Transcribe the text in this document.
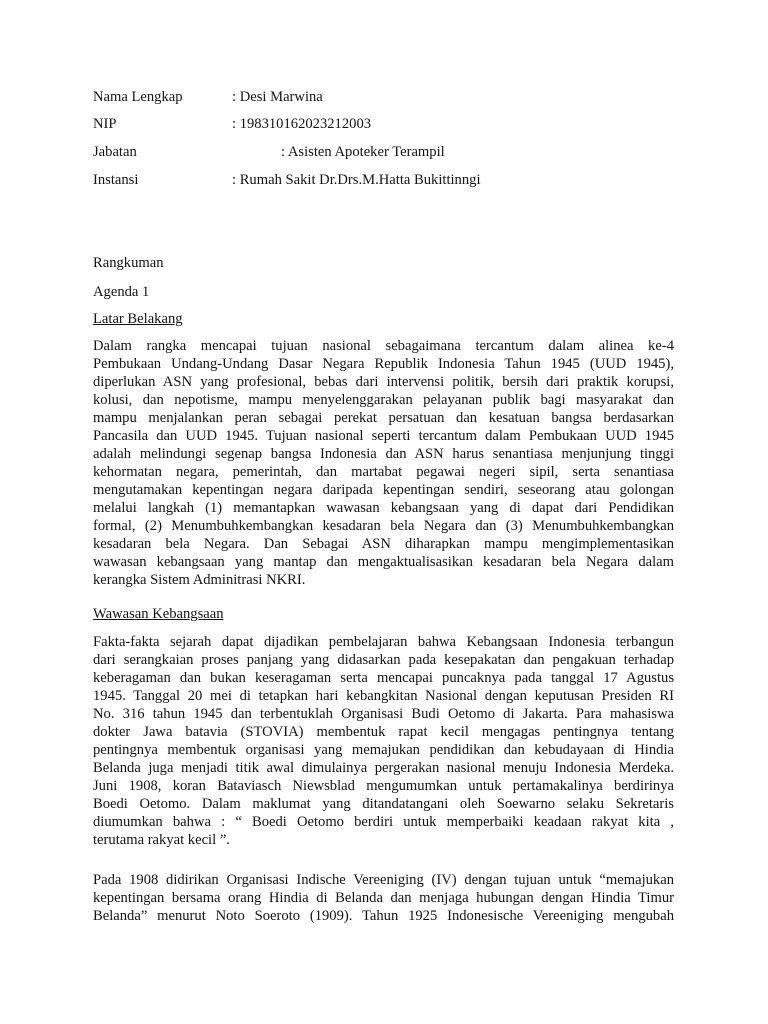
Nama Lengkap	: Desi Marwina
NIP	: 198310162023212003
Jabatan	: Asisten Apoteker Terampil
Instansi	: Rumah Sakit Dr.Drs.M.Hatta Bukittinngi
Rangkuman
Agenda 1
Latar Belakang
Dalam rangka mencapai tujuan nasional sebagaimana tercantum dalam alinea ke-4
Pembukaan Undang-Undang Dasar Negara Republik Indonesia Tahun 1945 (UUD 1945),
diperlukan ASN yang profesional, bebas dari intervensi politik, bersih dari praktik korupsi,
kolusi, dan nepotisme, mampu menyelenggarakan pelayanan publik bagi masyarakat dan
mampu menjalankan peran sebagai perekat persatuan dan kesatuan bangsa berdasarkan
Pancasila dan UUD 1945. Tujuan nasional seperti tercantum dalam Pembukaan UUD 1945
adalah melindungi segenap bangsa Indonesia dan ASN harus senantiasa menjunjung tinggi
kehormatan negara, pemerintah, dan martabat pegawai negeri sipil, serta senantiasa
mengutamakan kepentingan negara daripada kepentingan sendiri, seseorang atau golongan
melalui langkah (1) memantapkan wawasan kebangsaan yang di dapat dari Pendidikan
formal, (2) Menumbuhkembangkan kesadaran bela Negara dan (3) Menumbuhkembangkan
kesadaran bela Negara. Dan Sebagai ASN diharapkan mampu mengimplementasikan
wawasan kebangsaan yang mantap dan mengaktualisasikan kesadaran bela Negara dalam
kerangka Sistem Adminitrasi NKRI.
Wawasan Kebangsaan
Fakta-fakta sejarah dapat dijadikan pembelajaran bahwa Kebangsaan Indonesia terbangun
dari serangkaian proses panjang yang didasarkan pada kesepakatan dan pengakuan terhadap
keberagaman dan bukan keseragaman serta mencapai puncaknya pada tanggal 17 Agustus
1945. Tanggal 20 mei di tetapkan hari kebangkitan Nasional dengan keputusan Presiden RI
No. 316 tahun 1945 dan terbentuklah Organisasi Budi Oetomo di Jakarta. Para mahasiswa
dokter Jawa batavia (STOVIA) membentuk rapat kecil mengagas pentingnya tentang
pentingnya membentuk organisasi yang memajukan pendidikan dan kebudayaan di Hindia
Belanda juga menjadi titik awal dimulainya pergerakan nasional menuju Indonesia Merdeka.
Juni 1908, koran Bataviasch Niewsblad mengumumkan untuk pertamakalinya berdirinya
Boedi Oetomo. Dalam maklumat yang ditandatangani oleh Soewarno selaku Sekretaris
diumumkan bahwa : “ Boedi Oetomo berdiri untuk memperbaiki keadaan rakyat kita ,
terutama rakyat kecil ”.
Pada 1908 didirikan Organisasi Indische Vereeniging (IV) dengan tujuan untuk “memajukan
kepentingan bersama orang Hindia di Belanda dan menjaga hubungan dengan Hindia Timur
Belanda” menurut Noto Soeroto (1909). Tahun 1925 Indonesische Vereeniging mengubah
